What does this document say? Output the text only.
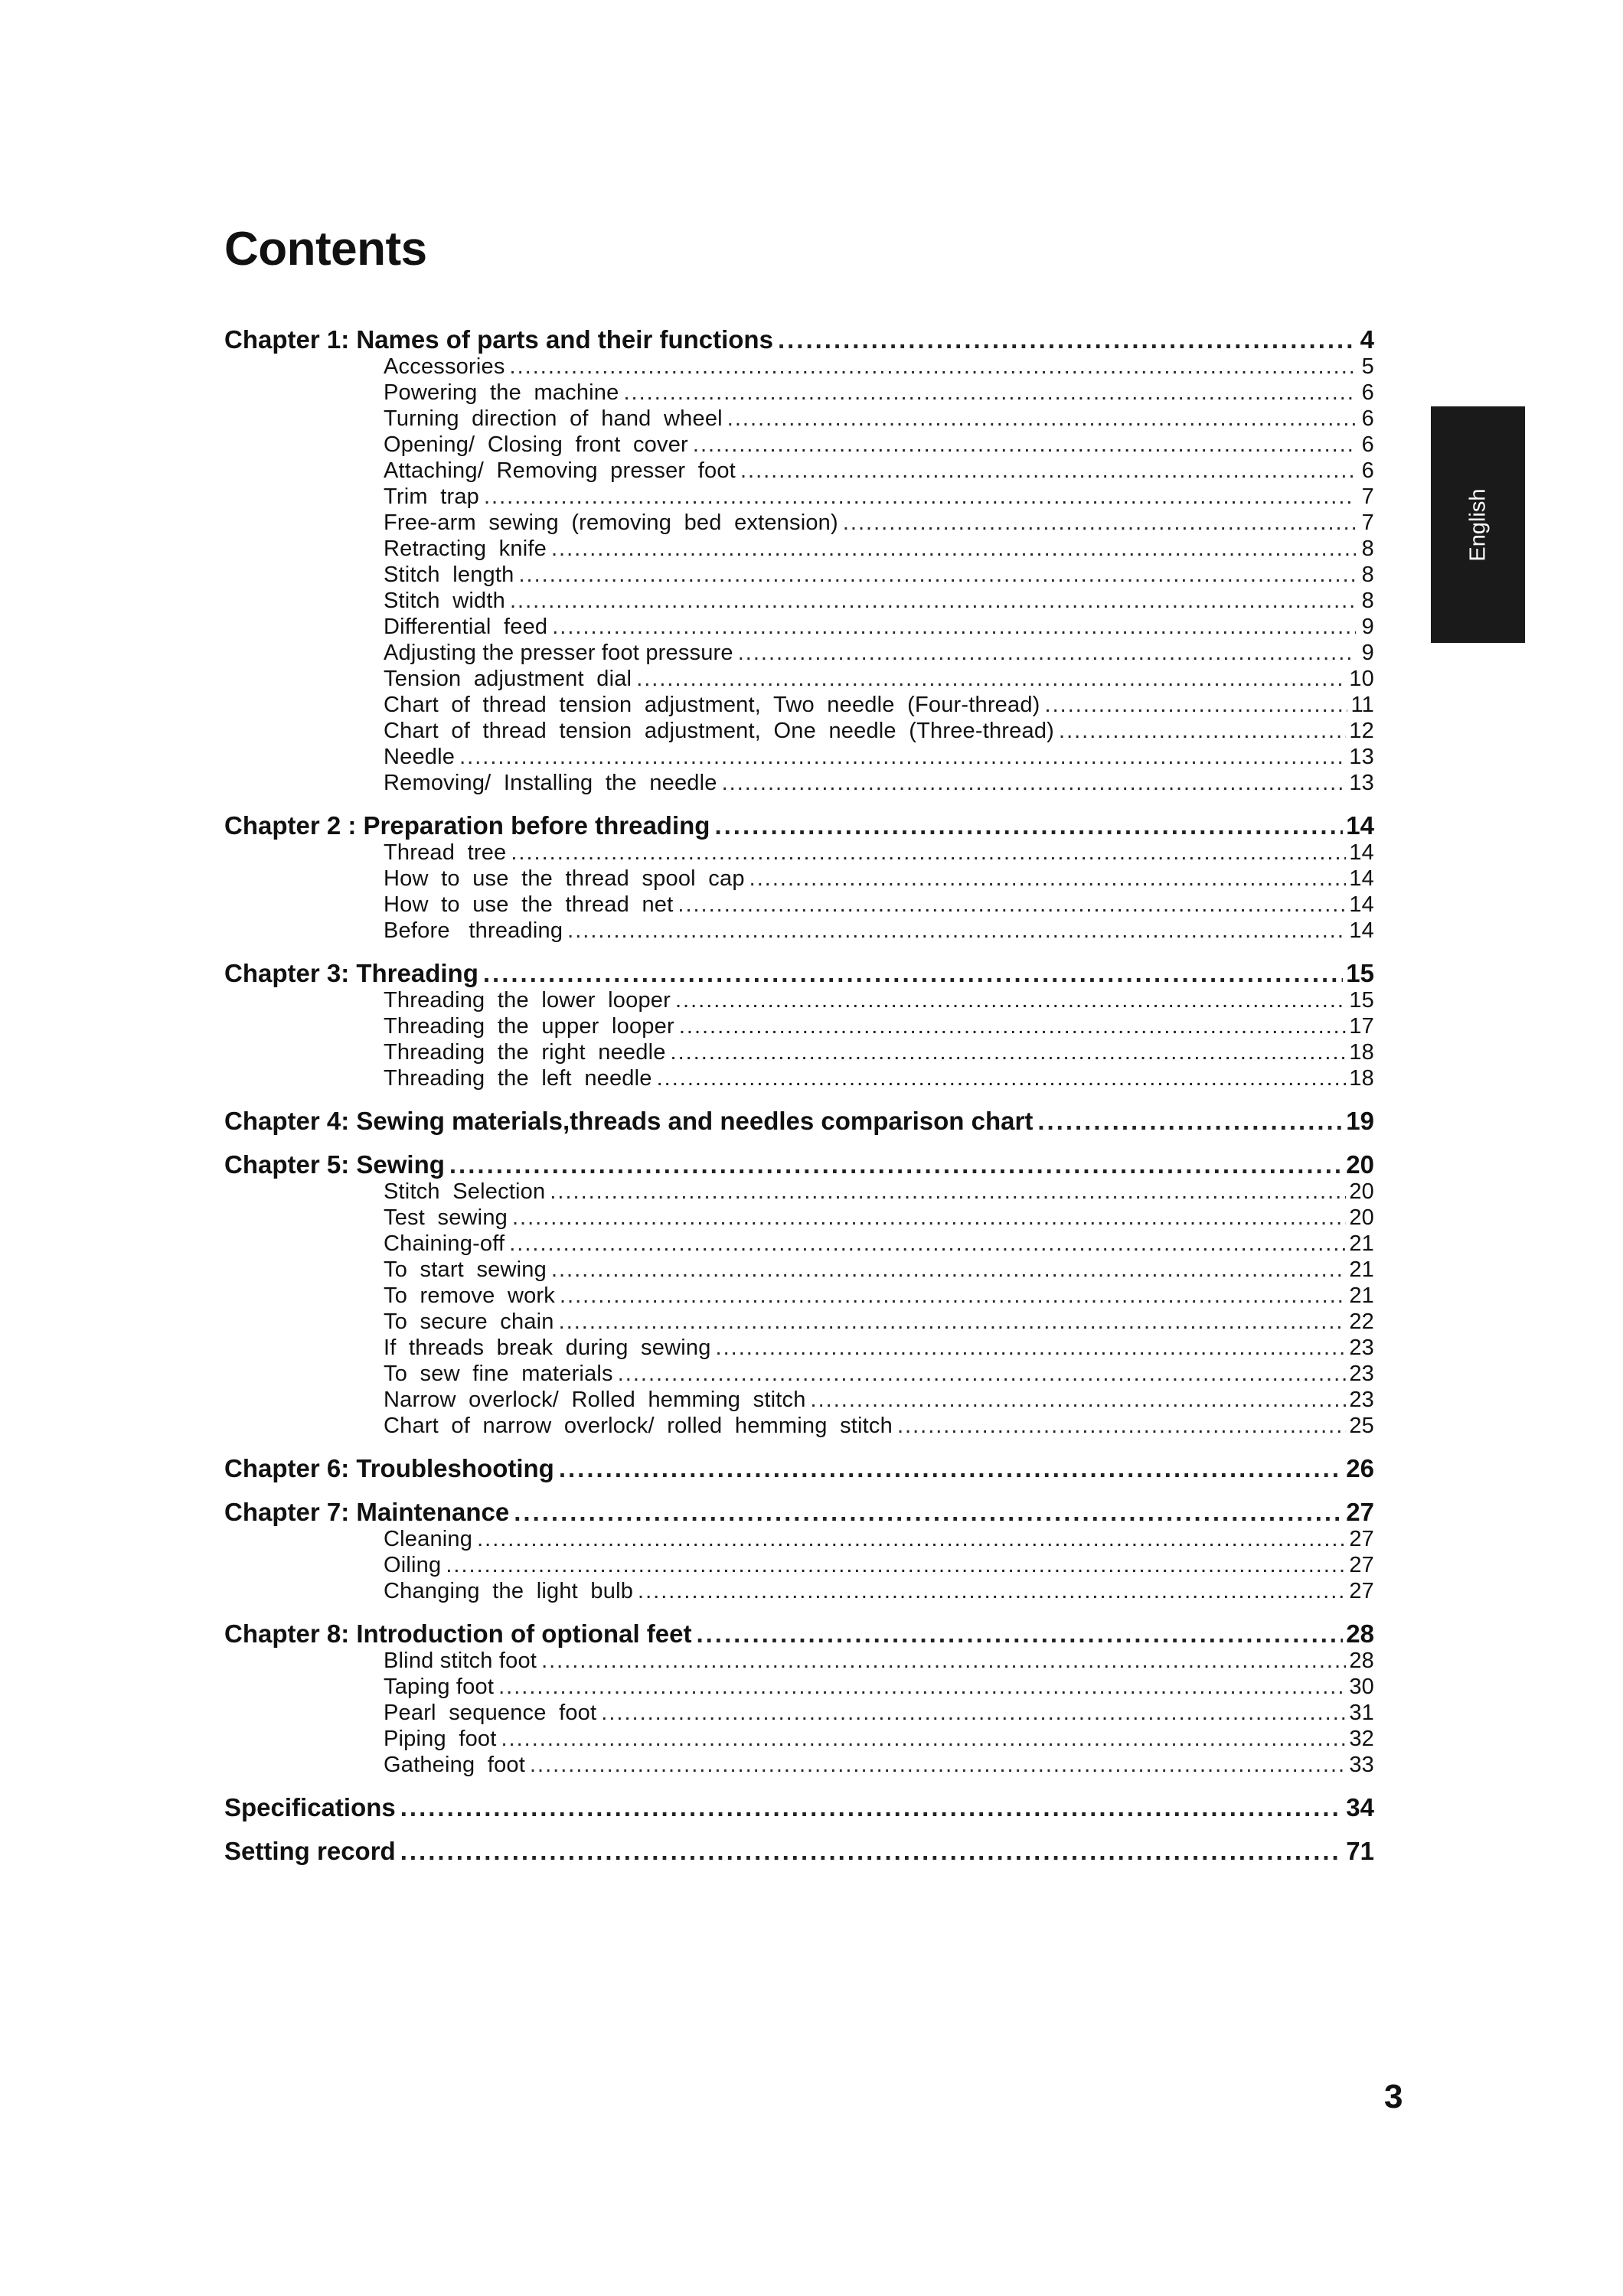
Contents
Chapter 1: Names of parts and their functions .....	4
Accessories .....	5
Powering  the  machine .....	6
Turning  direction  of  hand  wheel .....	6
Opening/  Closing  front  cover .....	6
Attaching/  Removing  presser  foot .....	6
Trim  trap .....	7
Free-arm  sewing  (removing  bed  extension) .....	7
Retracting  knife .....	8
Stitch  length .....	8
Stitch  width .....	8
Differential  feed .....	9
Adjusting the presser foot pressure .....	9
Tension  adjustment  dial .....	10
Chart  of  thread  tension  adjustment,  Two  needle  (Four-thread) .....	11
Chart  of  thread  tension  adjustment,  One  needle  (Three-thread) .....	12
Needle .....	13
Removing/  Installing  the  needle .....	13
Chapter 2 : Preparation before threading .....	14
Thread  tree .....	14
How  to  use  the  thread  spool  cap .....	14
How  to  use  the  thread  net .....	14
Before   threading .....	14
Chapter 3: Threading .....	15
Threading  the  lower  looper .....	15
Threading  the  upper  looper .....	17
Threading  the  right  needle .....	18
Threading  the  left  needle .....	18
Chapter 4: Sewing materials,threads and needles comparison chart .....	19
Chapter 5: Sewing .....	20
Stitch  Selection .....	20
Test  sewing .....	20
Chaining-off .....	21
To  start  sewing .....	21
To  remove  work .....	21
To  secure  chain .....	22
If  threads  break  during  sewing .....	23
To  sew  fine  materials .....	23
Narrow  overlock/  Rolled  hemming  stitch .....	23
Chart  of  narrow  overlock/  rolled  hemming  stitch .....	25
Chapter 6: Troubleshooting .....	26
Chapter 7: Maintenance .....	27
Cleaning .....	27
Oiling .....	27
Changing  the  light  bulb .....	27
Chapter 8: Introduction of optional feet .....	28
Blind stitch foot .....	28
Taping foot .....	30
Pearl  sequence  foot .....	31
Piping  foot .....	32
Gatheing  foot .....	33
Specifications .....	34
Setting record .....	71
English
3
